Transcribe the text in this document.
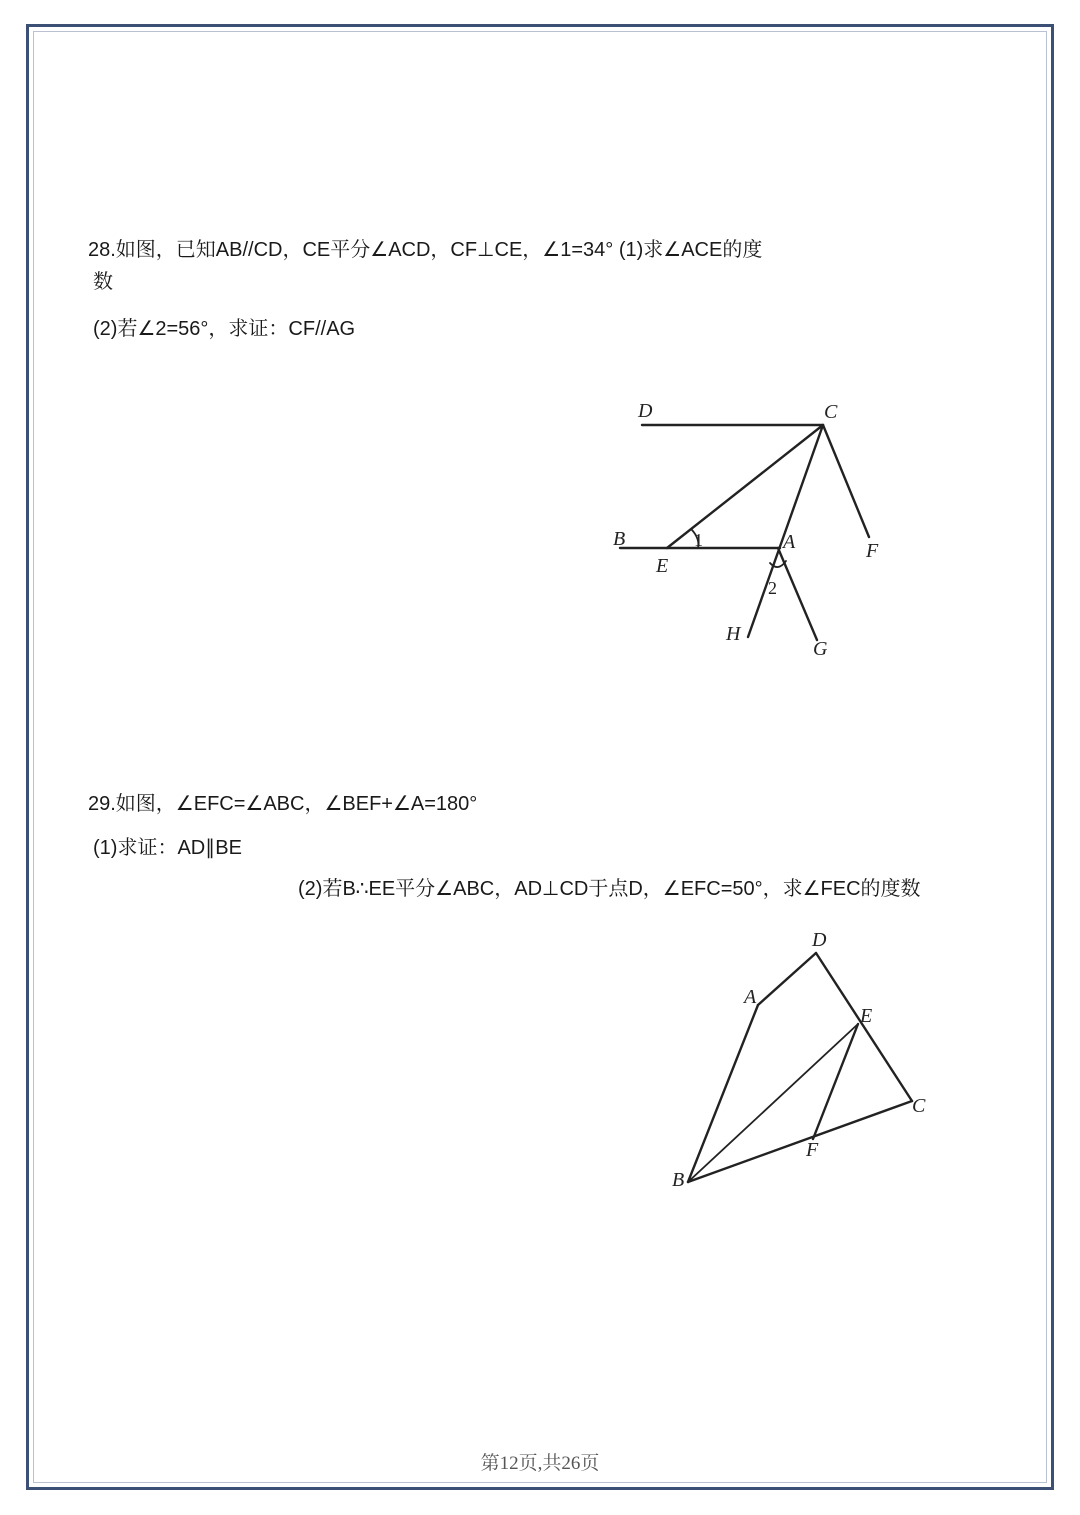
28.如图，已知AB//CD，CE平分∠ACD，CF⊥CE，∠1=34° (1)求∠ACE的度
数
(2)若∠2=56°，求证：CF//AG
D	C
B
E
A	F
H
G
1
2
29.如图，∠EFC=∠ABC，∠BEF+∠A=180°
(1)求证：AD∥BE
(2)若B∴EE平分∠ABC，AD⊥CD于点D，∠EFC=50°，求∠FEC的度数
D
A
E
C
F
B
第12页,共26页
